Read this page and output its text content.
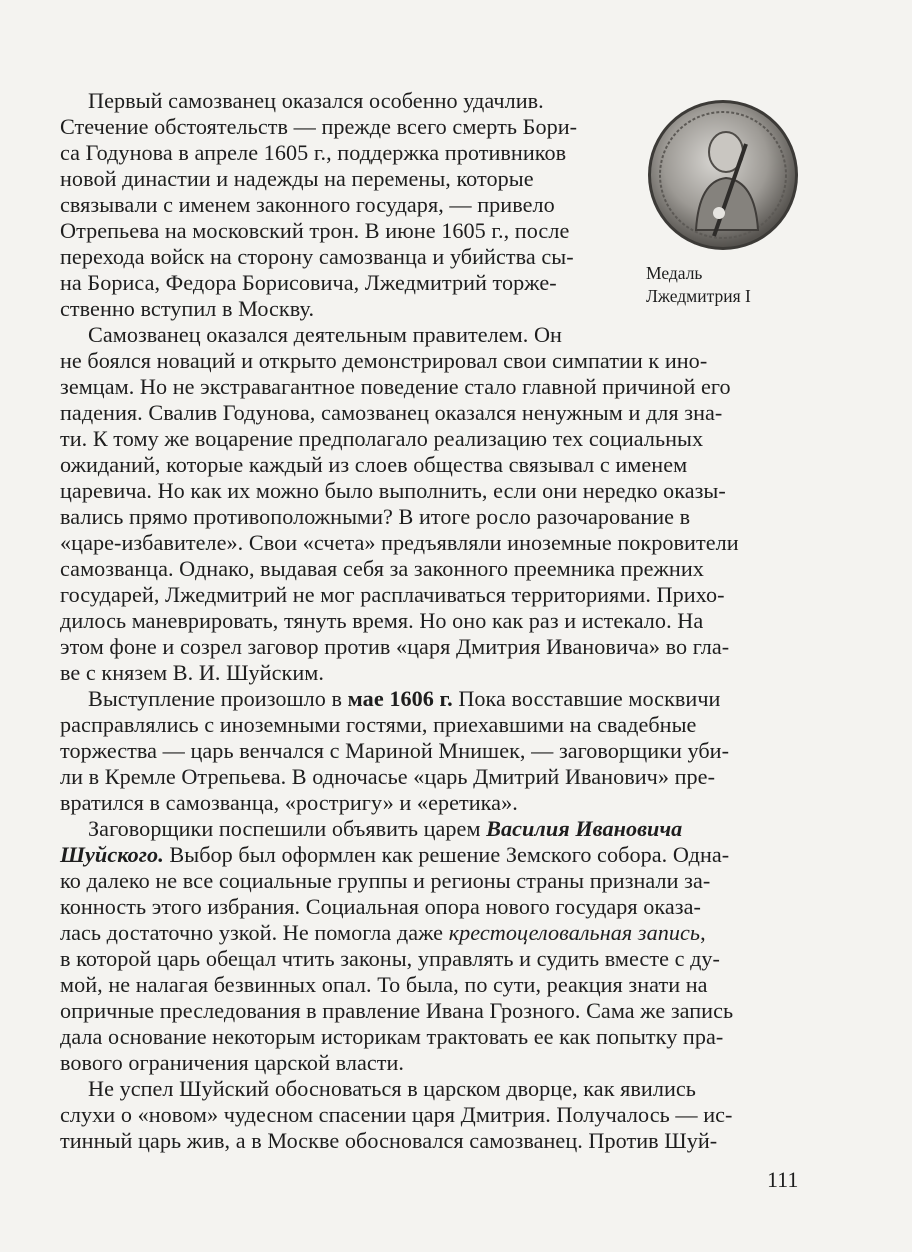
Медаль
Лжедмитрия I
Первый самозванец оказался особенно удачлив.
Стечение обстоятельств — прежде всего смерть Бори-
са Годунова в апреле 1605 г., поддержка противников
новой династии и надежды на перемены, которые
связывали с именем законного государя, — привело
Отрепьева на московский трон. В июне 1605 г., после
перехода войск на сторону самозванца и убийства сы-
на Бориса, Федора Борисовича, Лжедмитрий торже-
ственно вступил в Москву.
Самозванец оказался деятельным правителем. Он
не боялся новаций и открыто демонстрировал свои симпатии к ино-
земцам. Но не экстравагантное поведение стало главной причиной его
падения. Свалив Годунова, самозванец оказался ненужным и для зна-
ти. К тому же воцарение предполагало реализацию тех социальных
ожиданий, которые каждый из слоев общества связывал с именем
царевича. Но как их можно было выполнить, если они нередко оказы-
вались прямо противоположными? В итоге росло разочарование в
«царе-избавителе». Свои «счета» предъявляли иноземные покровители
самозванца. Однако, выдавая себя за законного преемника прежних
государей, Лжедмитрий не мог расплачиваться территориями. Прихо-
дилось маневрировать, тянуть время. Но оно как раз и истекало. На
этом фоне и созрел заговор против «царя Дмитрия Ивановича» во гла-
ве с князем В. И. Шуйским.
Выступление произошло в мае 1606 г. Пока восставшие москвичи
расправлялись с иноземными гостями, приехавшими на свадебные
торжества — царь венчался с Мариной Мнишек, — заговорщики уби-
ли в Кремле Отрепьева. В одночасье «царь Дмитрий Иванович» пре-
вратился в самозванца, «ростригу» и «еретика».
Заговорщики поспешили объявить царем Василия Ивановича
Шуйского. Выбор был оформлен как решение Земского собора. Одна-
ко далеко не все социальные группы и регионы страны признали за-
конность этого избрания. Социальная опора нового государя оказа-
лась достаточно узкой. Не помогла даже крестоцеловальная запись,
в которой царь обещал чтить законы, управлять и судить вместе с ду-
мой, не налагая безвинных опал. То была, по сути, реакция знати на
опричные преследования в правление Ивана Грозного. Сама же запись
дала основание некоторым историкам трактовать ее как попытку пра-
вового ограничения царской власти.
Не успел Шуйский обосноваться в царском дворце, как явились
слухи о «новом» чудесном спасении царя Дмитрия. Получалось — ис-
тинный царь жив, а в Москве обосновался самозванец. Против Шуй-
111
